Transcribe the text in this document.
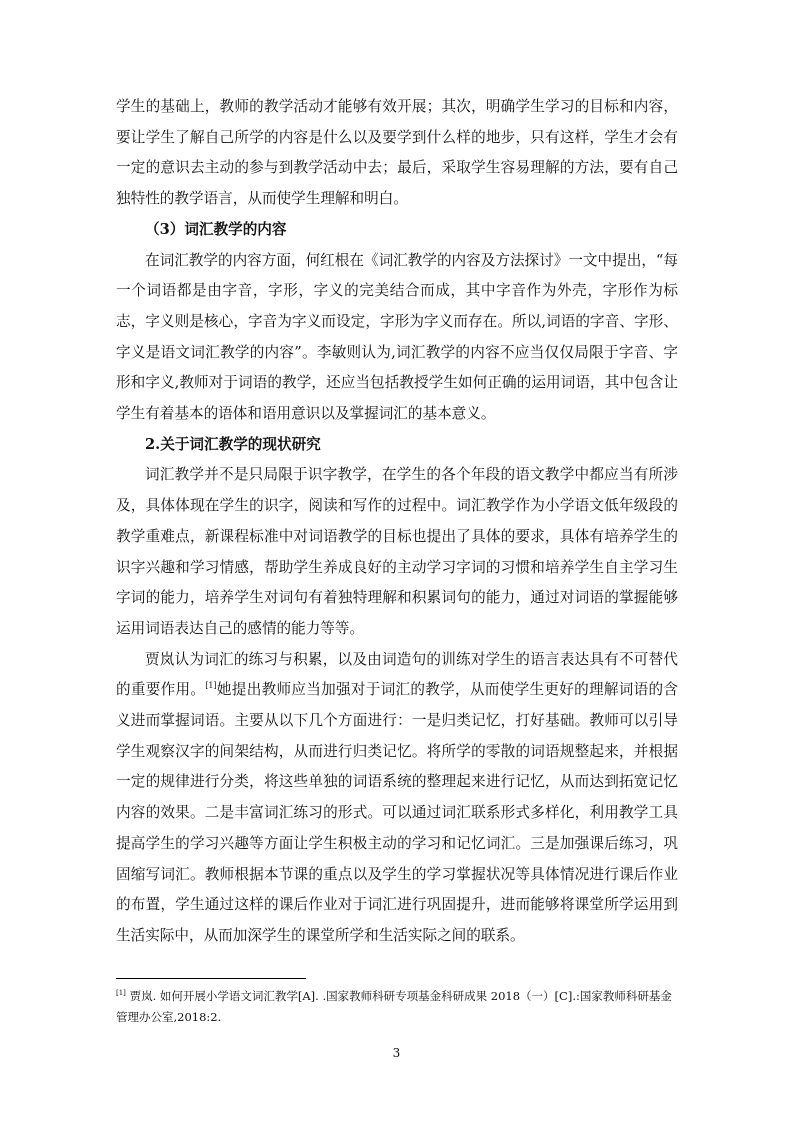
学生的基础上，教师的教学活动才能够有效开展；其次，明确学生学习的目标和内容，要让学生了解自己所学的内容是什么以及要学到什么样的地步，只有这样，学生才会有一定的意识去主动的参与到教学活动中去；最后，采取学生容易理解的方法，要有自己独特性的教学语言，从而使学生理解和明白。

（3）词汇教学的内容

在词汇教学的内容方面，何红根在《词汇教学的内容及方法探讨》一文中提出，“每一个词语都是由字音，字形，字义的完美结合而成，其中字音作为外壳，字形作为标志，字义则是核心，字音为字义而设定，字形为字义而存在。所以,词语的字音、字形、字义是语文词汇教学的内容”。李敏则认为,词汇教学的内容不应当仅仅局限于字音、字形和字义,教师对于词语的教学，还应当包括教授学生如何正确的运用词语，其中包含让学生有着基本的语体和语用意识以及掌握词汇的基本意义。

2.关于词汇教学的现状研究

词汇教学并不是只局限于识字教学，在学生的各个年段的语文教学中都应当有所涉及，具体体现在学生的识字，阅读和写作的过程中。词汇教学作为小学语文低年级段的教学重难点，新课程标准中对词语教学的目标也提出了具体的要求，具体有培养学生的识字兴趣和学习情感，帮助学生养成良好的主动学习字词的习惯和培养学生自主学习生字词的能力，培养学生对词句有着独特理解和积累词句的能力，通过对词语的掌握能够运用词语表达自己的感情的能力等等。

贾岚认为词汇的练习与积累，以及由词造句的训练对学生的语言表达具有不可替代的重要作用。[1]她提出教师应当加强对于词汇的教学，从而使学生更好的理解词语的含义进而掌握词语。主要从以下几个方面进行：一是归类记忆，打好基础。教师可以引导学生观察汉字的间架结构，从而进行归类记忆。将所学的零散的词语规整起来，并根据一定的规律进行分类，将这些单独的词语系统的整理起来进行记忆，从而达到拓宽记忆内容的效果。二是丰富词汇练习的形式。可以通过词汇联系形式多样化，利用教学工具提高学生的学习兴趣等方面让学生积极主动的学习和记忆词汇。三是加强课后练习，巩固缩写词汇。教师根据本节课的重点以及学生的学习掌握状况等具体情况进行课后作业的布置，学生通过这样的课后作业对于词汇进行巩固提升，进而能够将课堂所学运用到生活实际中，从而加深学生的课堂所学和生活实际之间的联系。

[1] 贾岚. 如何开展小学语文词汇教学[A]. .国家教师科研专项基金科研成果 2018（一）[C].:国家教师科研基金管理办公室,2018:2.
3
